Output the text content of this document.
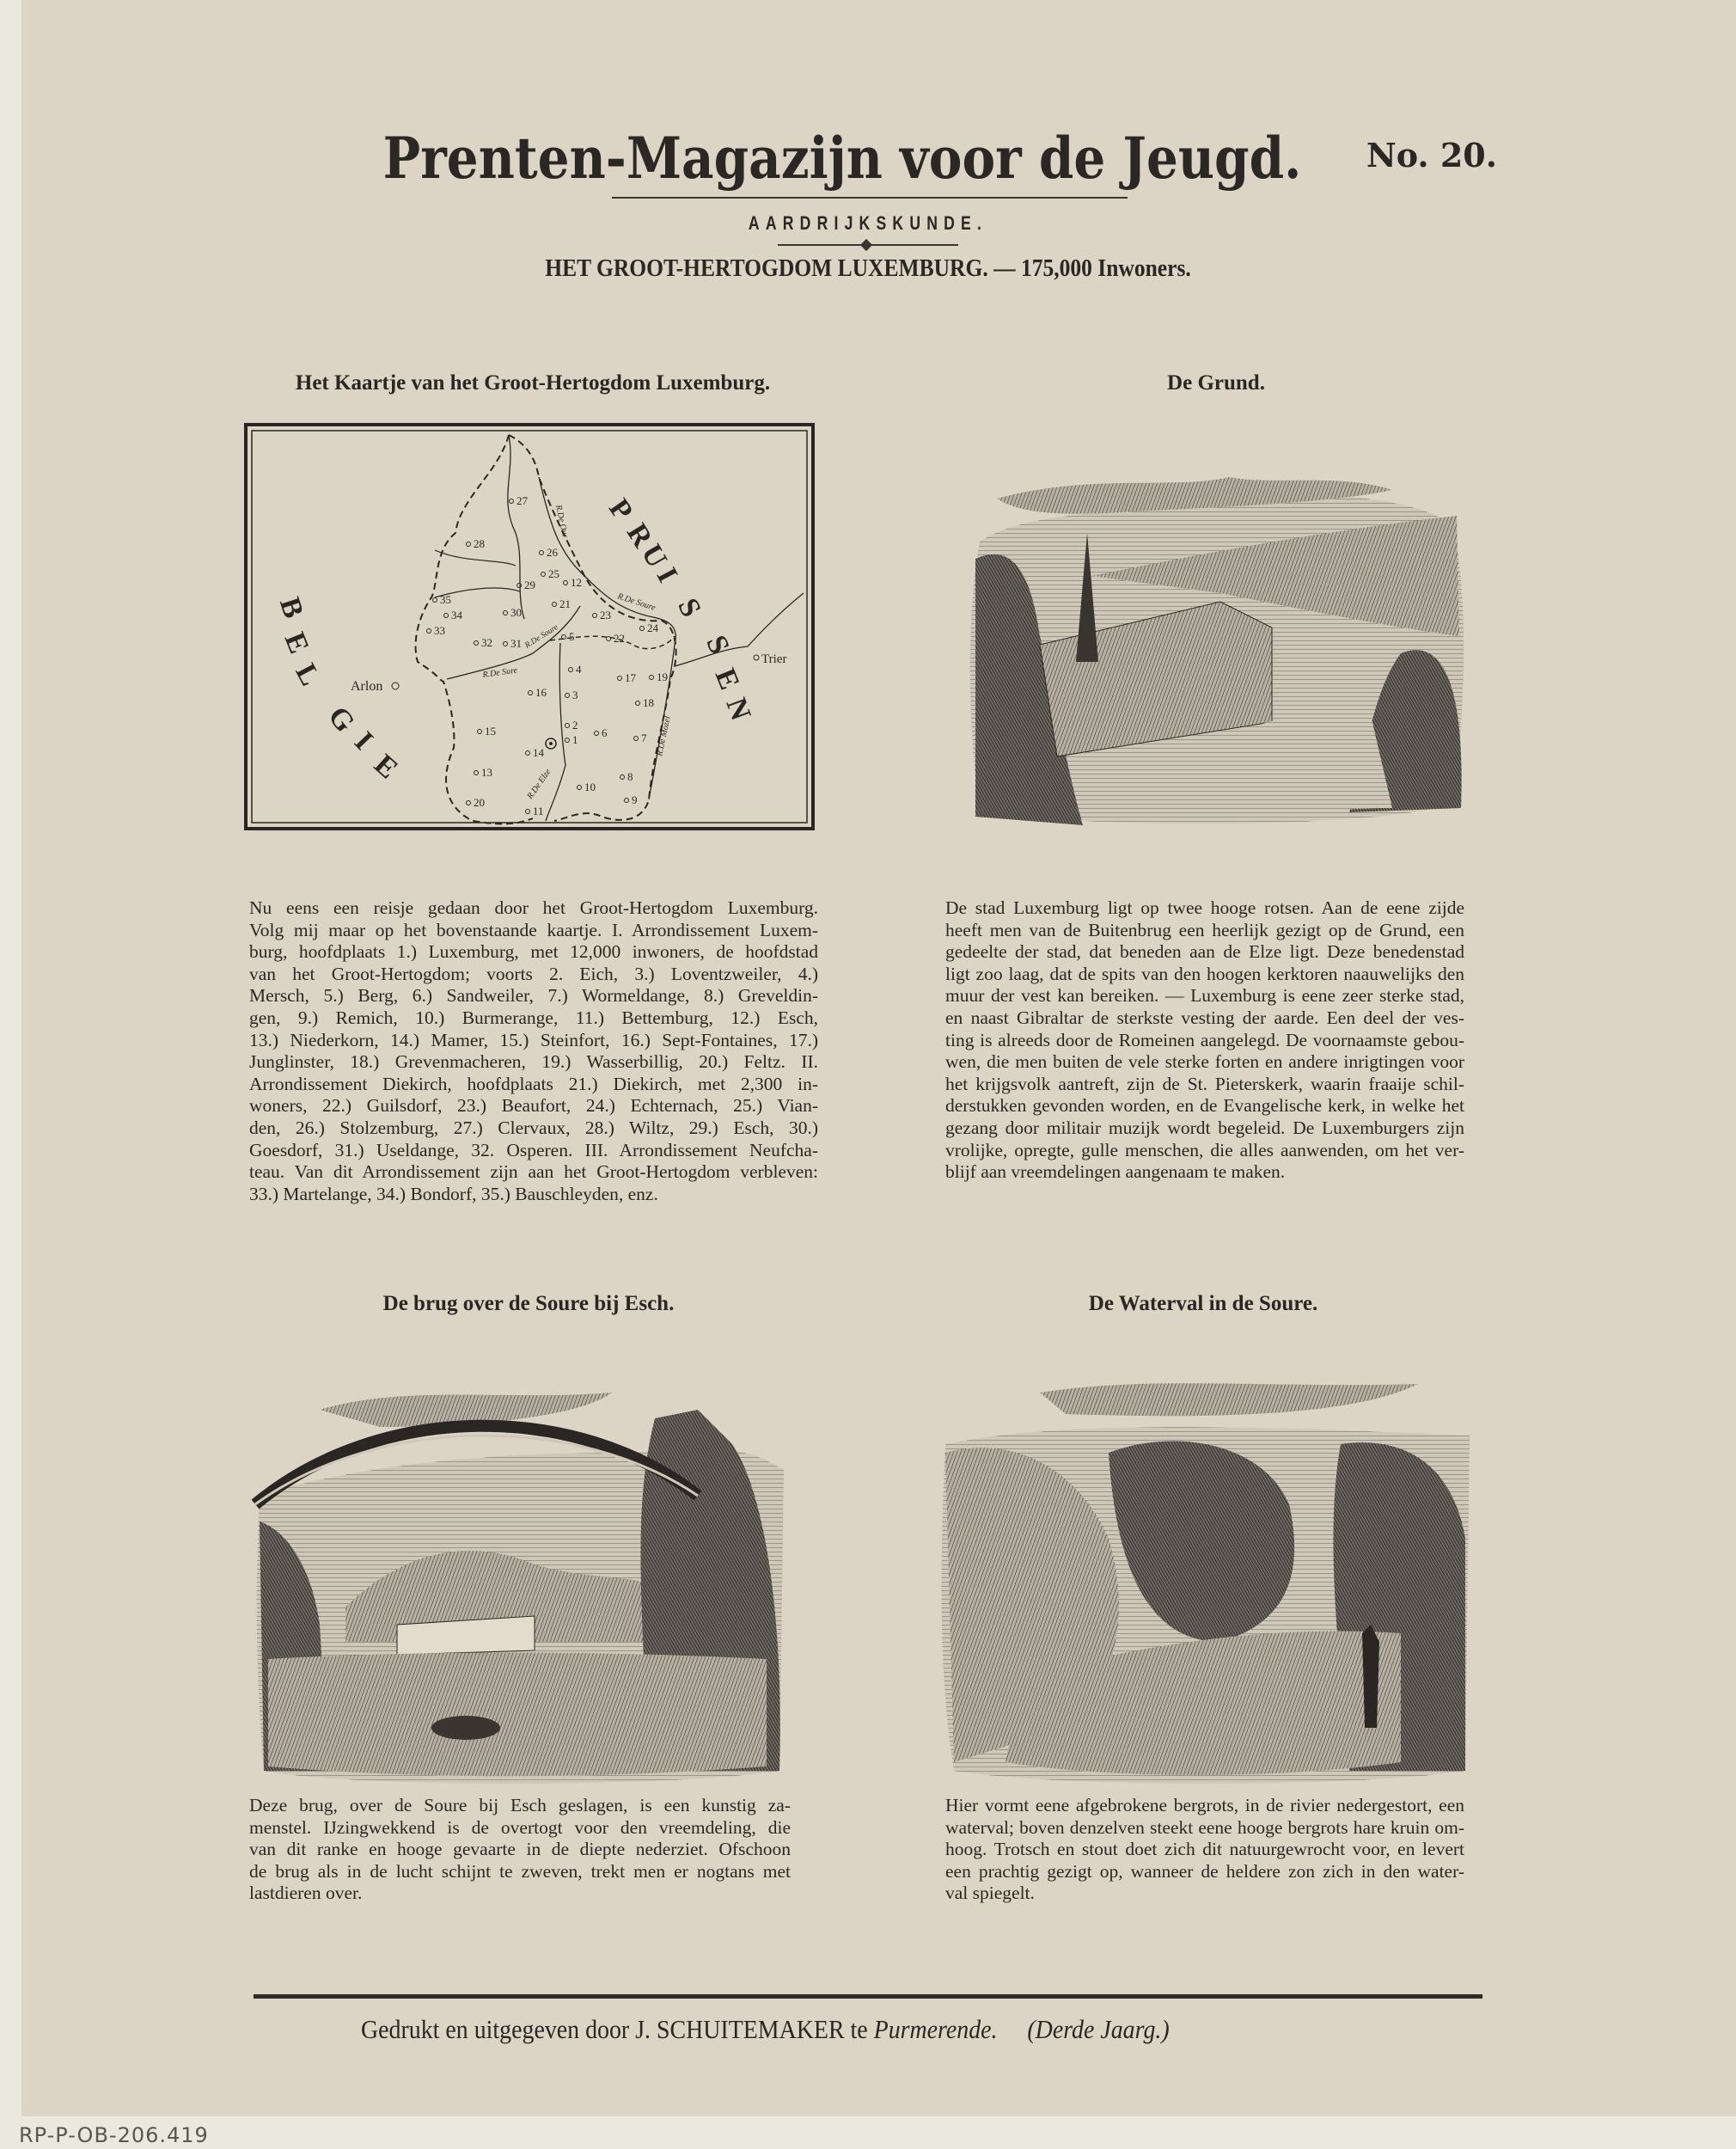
Prenten-Magazijn voor de Jeugd. No. 20.
AARDRIJKSKUNDE.
HET GROOT-HERTOGDOM LUXEMBURG. — 175,000 Inwoners.
Het Kaartje van het Groot-Hertogdom Luxemburg.
B
E
L
G
I
E
P
R
U
I
S
S
E
N
Arlon
Trier
R.De Our
R.De Soure
R.De Soure
R.De Sure
R.De Elze
R.De Mozel
27
28
26
25
12
29
21
30
35
34
33
23
24
5	22
32 31
4
17 19
16 3
18
2
15	6	7
1
14
13	8
10
9
20
11
Nu eens een reisje gedaan door het Groot-Hertogdom Luxemburg.
Volg mij maar op het bovenstaande kaartje. I. Arrondissement Luxem-
burg, hoofdplaats 1.) Luxemburg, met 12,000 inwoners, de hoofdstad
van het Groot-Hertogdom; voorts 2. Eich, 3.) Loventzweiler, 4.)
Mersch, 5.) Berg, 6.) Sandweiler, 7.) Wormeldange, 8.) Greveldin-
gen, 9.) Remich, 10.) Burmerange, 11.) Bettemburg, 12.) Esch,
13.) Niederkorn, 14.) Mamer, 15.) Steinfort, 16.) Sept-Fontaines, 17.)
Junglinster, 18.) Grevenmacheren, 19.) Wasserbillig, 20.) Feltz. II.
Arrondissement Diekirch, hoofdplaats 21.) Diekirch, met 2,300 in-
woners, 22.) Guilsdorf, 23.) Beaufort, 24.) Echternach, 25.) Vian-
den, 26.) Stolzemburg, 27.) Clervaux, 28.) Wiltz, 29.) Esch, 30.)
Goesdorf, 31.) Useldange, 32. Osperen. III. Arrondissement Neufcha-
teau. Van dit Arrondissement zijn aan het Groot-Hertogdom verbleven:
33.) Martelange, 34.) Bondorf, 35.) Bauschleyden, enz.
De Grund.
De stad Luxemburg ligt op twee hooge rotsen. Aan de eene zijde
heeft men van de Buitenbrug een heerlijk gezigt op de Grund, een
gedeelte der stad, dat beneden aan de Elze ligt. Deze benedenstad
ligt zoo laag, dat de spits van den hoogen kerktoren naauwelijks den
muur der vest kan bereiken. — Luxemburg is eene zeer sterke stad,
en naast Gibraltar de sterkste vesting der aarde. Een deel der ves-
ting is alreeds door de Romeinen aangelegd. De voornaamste gebou-
wen, die men buiten de vele sterke forten en andere inrigtingen voor
het krijgsvolk aantreft, zijn de St. Pieterskerk, waarin fraaije schil-
derstukken gevonden worden, en de Evangelische kerk, in welke het
gezang door militair muzijk wordt begeleid. De Luxemburgers zijn
vrolijke, opregte, gulle menschen, die alles aanwenden, om het ver-
blijf aan vreemdelingen aangenaam te maken.
De brug over de Soure bij Esch.
Deze brug, over de Soure bij Esch geslagen, is een kunstig za-
menstel. IJzingwekkend is de overtogt voor den vreemdeling, die
van dit ranke en hooge gevaarte in de diepte nederziet. Ofschoon
de brug als in de lucht schijnt te zweven, trekt men er nogtans met
lastdieren over.
De Waterval in de Soure.
Hier vormt eene afgebrokene bergrots, in de rivier nedergestort, een
waterval; boven denzelven steekt eene hooge bergrots hare kruin om-
hoog. Trotsch en stout doet zich dit natuurgewrocht voor, en levert
een prachtig gezigt op, wanneer de heldere zon zich in den water-
val spiegelt.
Gedrukt en uitgegeven door J. SCHUITEMAKER te Purmerende. (Derde Jaarg.)
RP-P-OB-206.419
